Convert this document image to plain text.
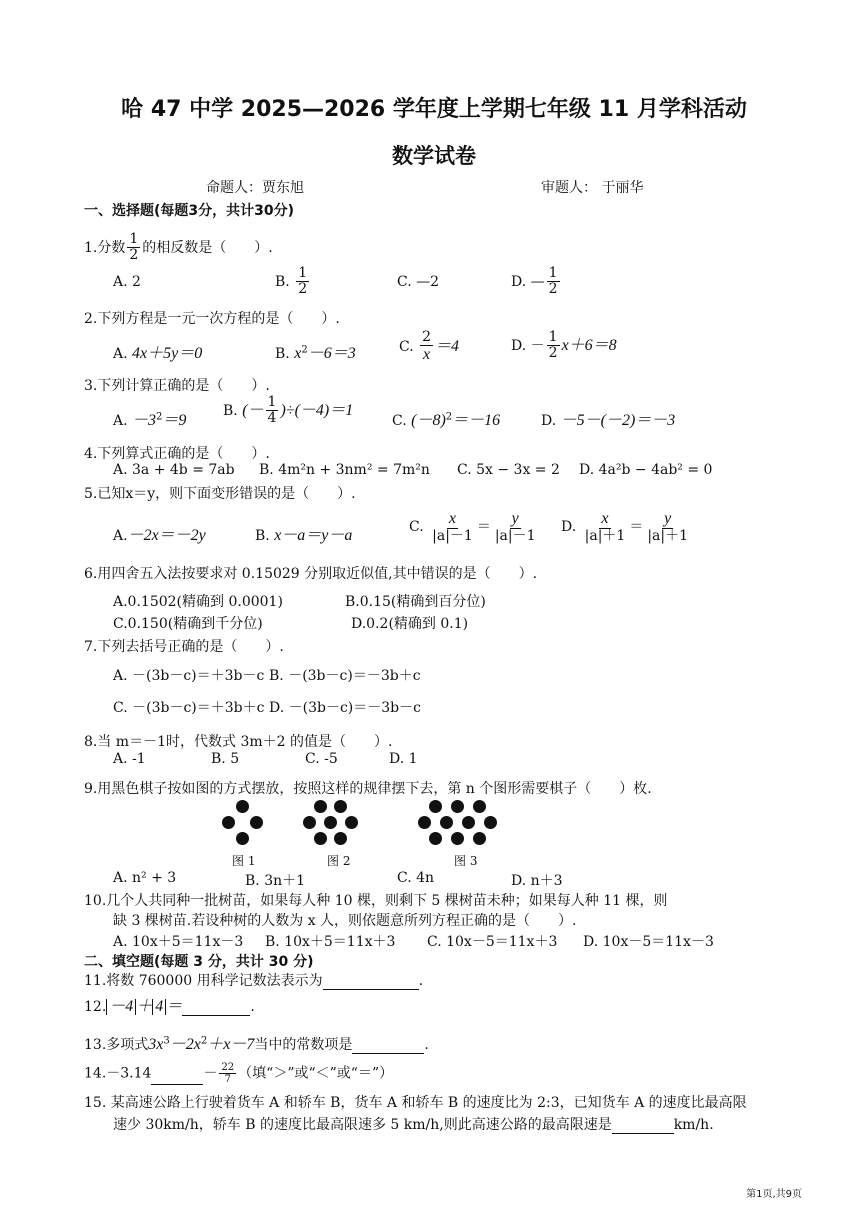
哈 47 中学 2025—2026 学年度上学期七年级 11 月学科活动
数学试卷
命题人：贾东旭	审题人： 于丽华
一、选择题(每题3分，共计30分)
1.分数 $\frac{1}{2}$ 的相反数是（　　）.
A. 2	B. $\frac{1}{2}$	C. —2	D. — $\frac{1}{2}$
2.下列方程是一元一次方程的是（　　）.
A. 4x＋5y＝0	B. $x^2-6=3$	C. $\frac{2}{x} =4$	D. － $\frac{1}{2} x+6=8$
3.下列计算正确的是（　　）.
A. $-3^2=9$
B. (－ $\frac{1}{4} )\div(-4)=1$
C. $(-8)^2=-16$	D. －5－(－2)＝－3
4.下列算式正确的是（　　）.
A. 3a + 4b = 7ab B. 4m²n + 3nm² = 7m²n C. 5x − 3x = 2 D. 4a²b − 4ab² = 0
5.已知x＝y，则下面变形错误的是（　　）.
A.－2x＝－2y	B. x－a＝y－a
C. $\frac{x}{|a|-1} = \frac{y}{|a|-1} D$. $\frac{x}{|a|+1} = \frac{y}{|a|+1}$
6.用四舍五入法按要求对 0.15029 分别取近似值,其中错误的是（　　）.
A.0.1502(精确到 0.0001)	B.0.15(精确到百分位)
C.0.150(精确到千分位)	D.0.2(精确到 0.1)
7.下列去括号正确的是（　　）.
A. －(3b－c)＝＋3b－c B. －(3b－c)＝－3b＋c
C. －(3b－c)＝＋3b＋c D. －(3b－c)＝－3b－c
8.当 m＝－1时，代数式 3m＋2 的值是（　　）.
A. -1	B. 5	C. -5	D. 1
9.用黑色棋子按如图的方式摆放，按照这样的规律摆下去，第 n 个图形需要棋子（　　）枚.
图 1	图 2	图 3
A. n² + 3	B. 3n＋1	C. 4n	D. n＋3
10.几个人共同种一批树苗，如果每人种 10 棵，则剩下 5 棵树苗未种；如果每人种 11 棵，则
缺 3 棵树苗.若设种树的人数为 x 人，则依题意所列方程正确的是（　　）.
A. 10x＋5＝11x－3 B. 10x＋5＝11x＋3 C. 10x－5＝11x＋3 D. 10x－5＝11x－3
二、填空题(每题 3 分，共计 30 分)
11.将数 760000 用科学记数法表示为	.
12. －4 ＋ 4 ＝	.
13.多项式$3x^3-2x^2+x-7$当中的常数项是	.
14.－3.14	－ $\frac{22}{7}$ （填“＞”或“＜”或“＝”）
15. 某高速公路上行驶着货车 A 和轿车 B，货车 A 和轿车 B 的速度比为 2:3，已知货车 A 的速度比最高限
速少 30km/h，轿车 B 的速度比最高限速多 5 km/h,则此高速公路的最高限速是	km/h.
第1页,共9页
